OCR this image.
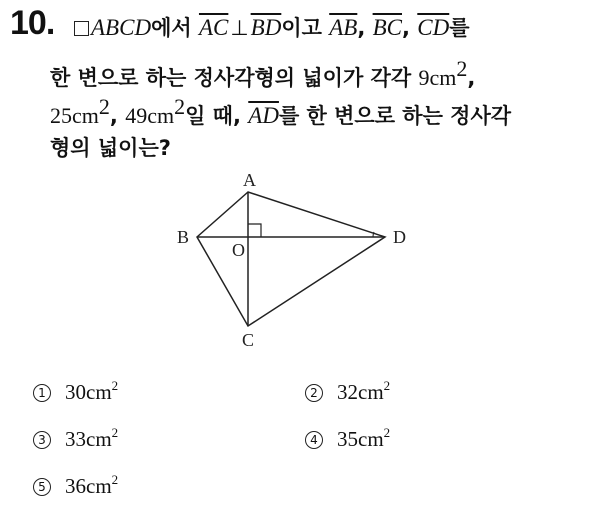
10.	ABCD에서 $\overline{AC}\perp\overline{BD}$이고 $\overline{AB}$, $\overline{BC}$, $\overline{CD}$를
한 변으로 하는 정사각형의 넓이가 각각 $9cm^2$,
$25cm^2$, $49cm^2$일 때, $\overline{AD}$를 한 변으로 하는 정사각
형의 넓이는?
A
B
C
D
O
1 $30cm^2$	2 $32cm^2$
3 $33cm^2$	4 $35cm^2$
5 $36cm^2$
